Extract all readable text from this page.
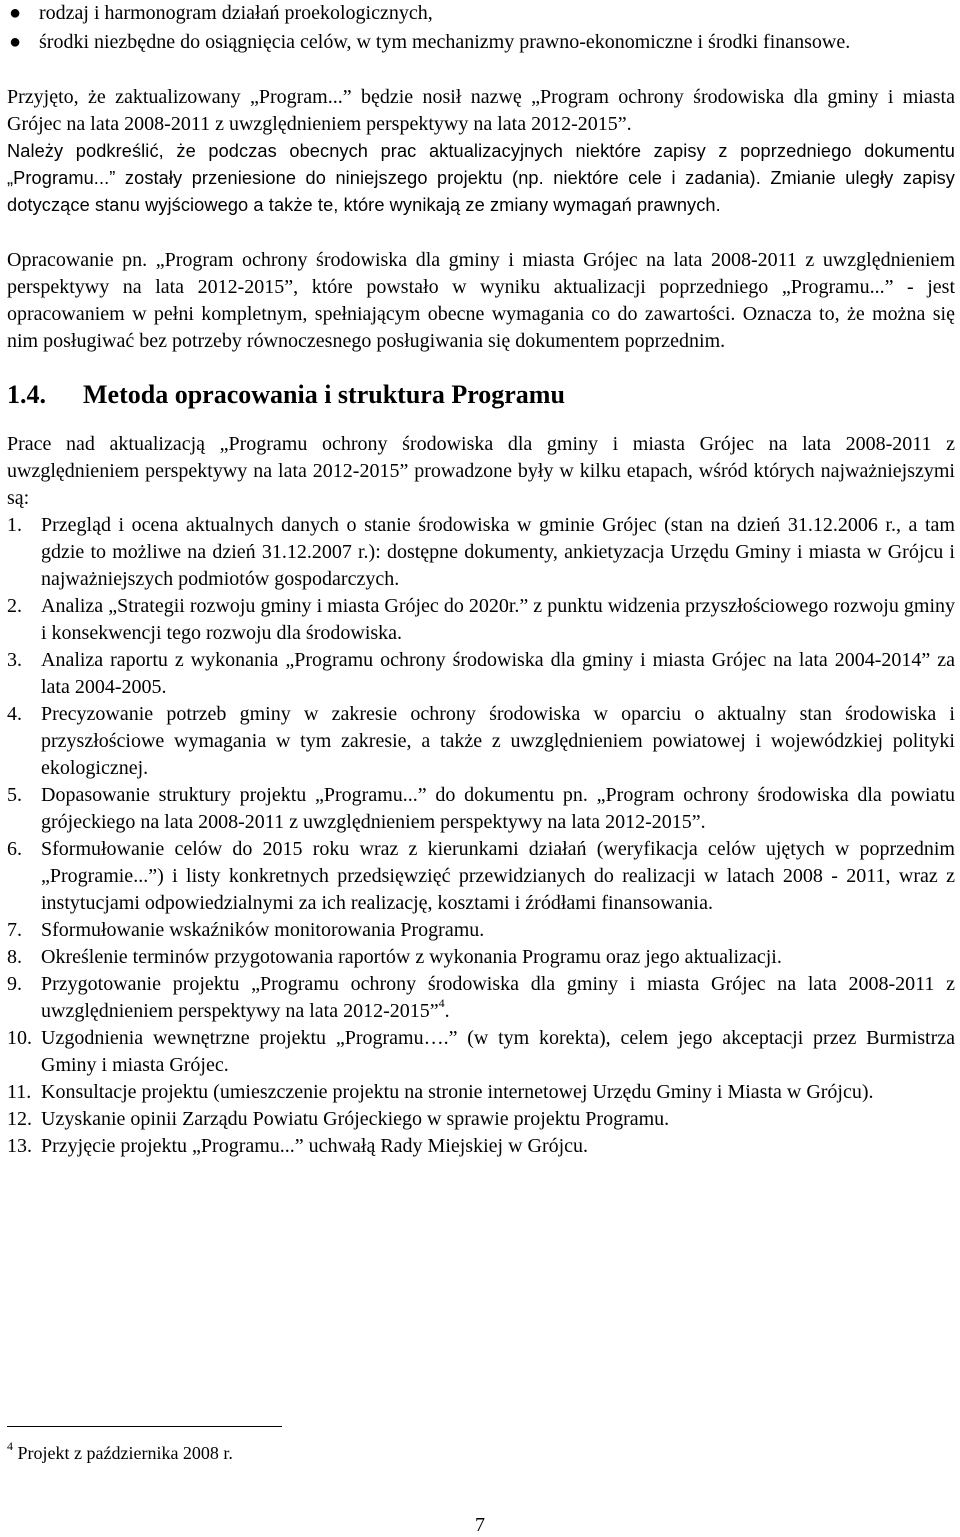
● rodzaj i harmonogram działań proekologicznych,
● środki niezbędne do osiągnięcia celów, w tym mechanizmy prawno-ekonomiczne i środki finansowe.

Przyjęto, że zaktualizowany „Program...” będzie nosił nazwę „Program ochrony środowiska dla gminy i miasta Grójec na lata 2008-2011 z uwzględnieniem perspektywy na lata 2012-2015”.

Należy podkreślić, że podczas obecnych prac aktualizacyjnych niektóre zapisy z poprzedniego dokumentu „Programu...” zostały przeniesione do niniejszego projektu (np. niektóre cele i zadania). Zmianie uległy zapisy dotyczące stanu wyjściowego a także te, które wynikają ze zmiany wymagań prawnych.

Opracowanie pn. „Program ochrony środowiska dla gminy i miasta Grójec na lata 2008-2011 z uwzględnieniem perspektywy na lata 2012-2015”, które powstało w wyniku aktualizacji poprzedniego „Programu...” - jest opracowaniem w pełni kompletnym, spełniającym obecne wymagania co do zawartości. Oznacza to, że można się nim posługiwać bez potrzeby równoczesnego posługiwania się dokumentem poprzednim.

1.4.	Metoda opracowania i struktura Programu

Prace nad aktualizacją „Programu ochrony środowiska dla gminy i miasta Grójec na lata 2008-2011 z uwzględnieniem perspektywy na lata 2012-2015” prowadzone były w kilku etapach, wśród których najważniejszymi są:

1. Przegląd i ocena aktualnych danych o stanie środowiska w gminie Grójec (stan na dzień 31.12.2006 r., a tam gdzie to możliwe na dzień 31.12.2007 r.): dostępne dokumenty, ankietyzacja Urzędu Gminy i miasta w Grójcu i najważniejszych podmiotów gospodarczych.
2. Analiza „Strategii rozwoju gminy i miasta Grójec do 2020r.” z punktu widzenia przyszłościowego rozwoju gminy i konsekwencji tego rozwoju dla środowiska.
3. Analiza raportu z wykonania „Programu ochrony środowiska dla gminy i miasta Grójec na lata 2004-2014” za lata 2004-2005.
4. Precyzowanie potrzeb gminy w zakresie ochrony środowiska w oparciu o aktualny stan środowiska i przyszłościowe wymagania w tym zakresie, a także z uwzględnieniem powiatowej i wojewódzkiej polityki ekologicznej.
5. Dopasowanie struktury projektu „Programu...” do dokumentu pn. „Program ochrony środowiska dla powiatu grójeckiego na lata 2008-2011 z uwzględnieniem perspektywy na lata 2012-2015”.
6. Sformułowanie celów do 2015 roku wraz z kierunkami działań (weryfikacja celów ujętych w poprzednim „Programie...”) i listy konkretnych przedsięwzięć przewidzianych do realizacji w latach 2008 - 2011, wraz z instytucjami odpowiedzialnymi za ich realizację, kosztami i źródłami finansowania.
7. Sformułowanie wskaźników monitorowania Programu.
8. Określenie terminów przygotowania raportów z wykonania Programu oraz jego aktualizacji.
9. Przygotowanie projektu „Programu ochrony środowiska dla gminy i miasta Grójec na lata 2008-2011 z uwzględnieniem perspektywy na lata 2012-2015”$^4$.
10. Uzgodnienia wewnętrzne projektu „Programu….” (w tym korekta), celem jego akceptacji przez Burmistrza Gminy i miasta Grójec.
11. Konsultacje projektu (umieszczenie projektu na stronie internetowej Urzędu Gminy i Miasta w Grójcu).
12. Uzyskanie opinii Zarządu Powiatu Grójeckiego w sprawie projektu Programu.
13. Przyjęcie projektu „Programu...” uchwałą Rady Miejskiej w Grójcu.
$^4$ Projekt z października 2008 r.
7
